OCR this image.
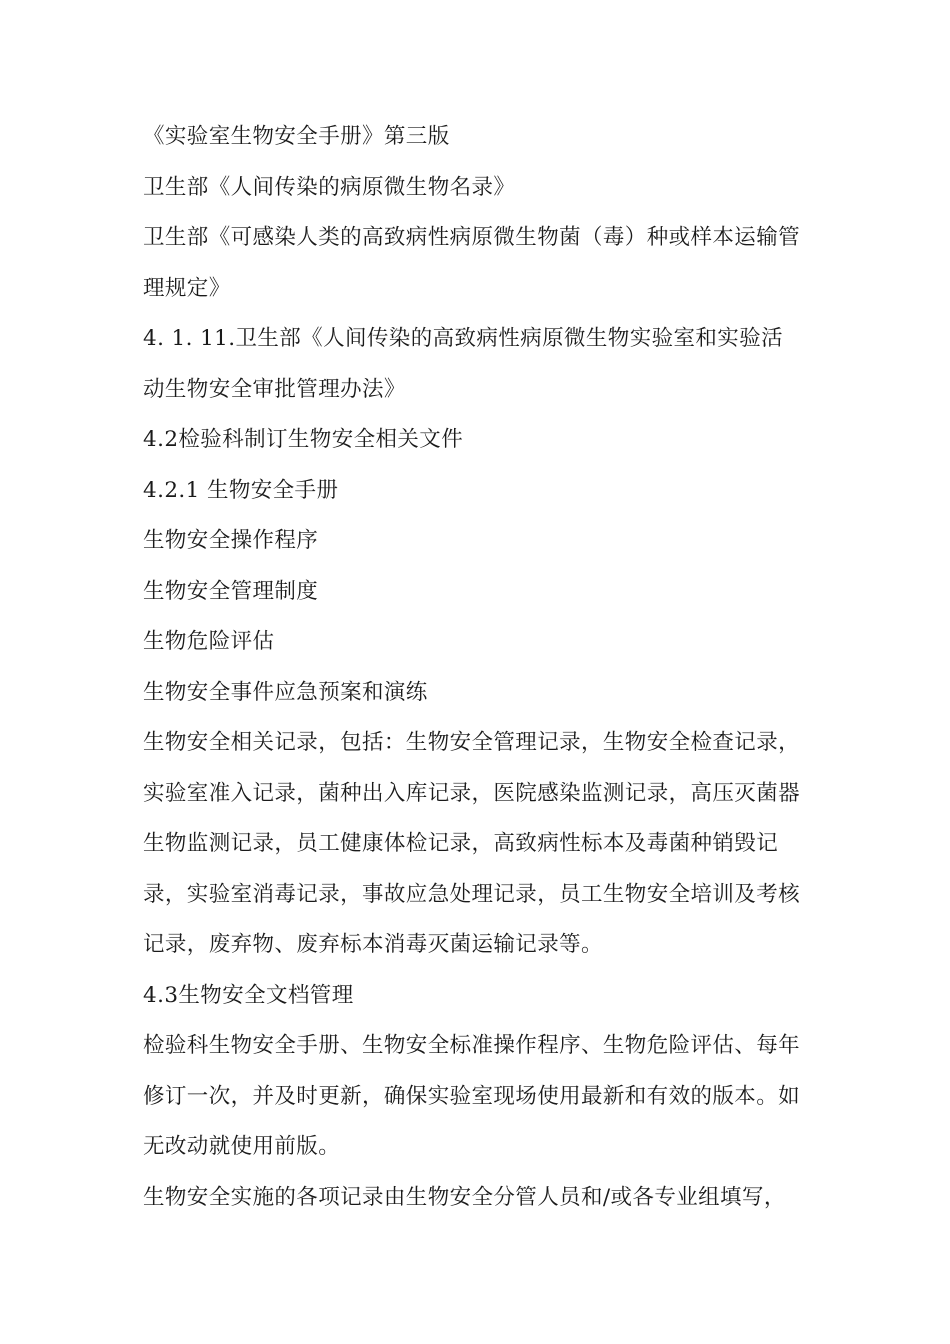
《实验室生物安全手册》第三版
卫生部《人间传染的病原微生物名录》
卫生部《可感染人类的高致病性病原微生物菌（毒）种或样本运输管
理规定》
4. 1. 11.卫生部《人间传染的高致病性病原微生物实验室和实验活
动生物安全审批管理办法》
4.2检验科制订生物安全相关文件
4.2.1 生物安全手册
生物安全操作程序
生物安全管理制度
生物危险评估
生物安全事件应急预案和演练
生物安全相关记录，包括：生物安全管理记录，生物安全检查记录，
实验室准入记录，菌种出入库记录，医院感染监测记录，高压灭菌器
生物监测记录，员工健康体检记录，高致病性标本及毒菌种销毁记
录，实验室消毒记录，事故应急处理记录，员工生物安全培训及考核
记录，废弃物、废弃标本消毒灭菌运输记录等。
4.3生物安全文档管理
检验科生物安全手册、生物安全标准操作程序、生物危险评估、每年
修订一次，并及时更新，确保实验室现场使用最新和有效的版本。如
无改动就使用前版。
生物安全实施的各项记录由生物安全分管人员和/或各专业组填写，
